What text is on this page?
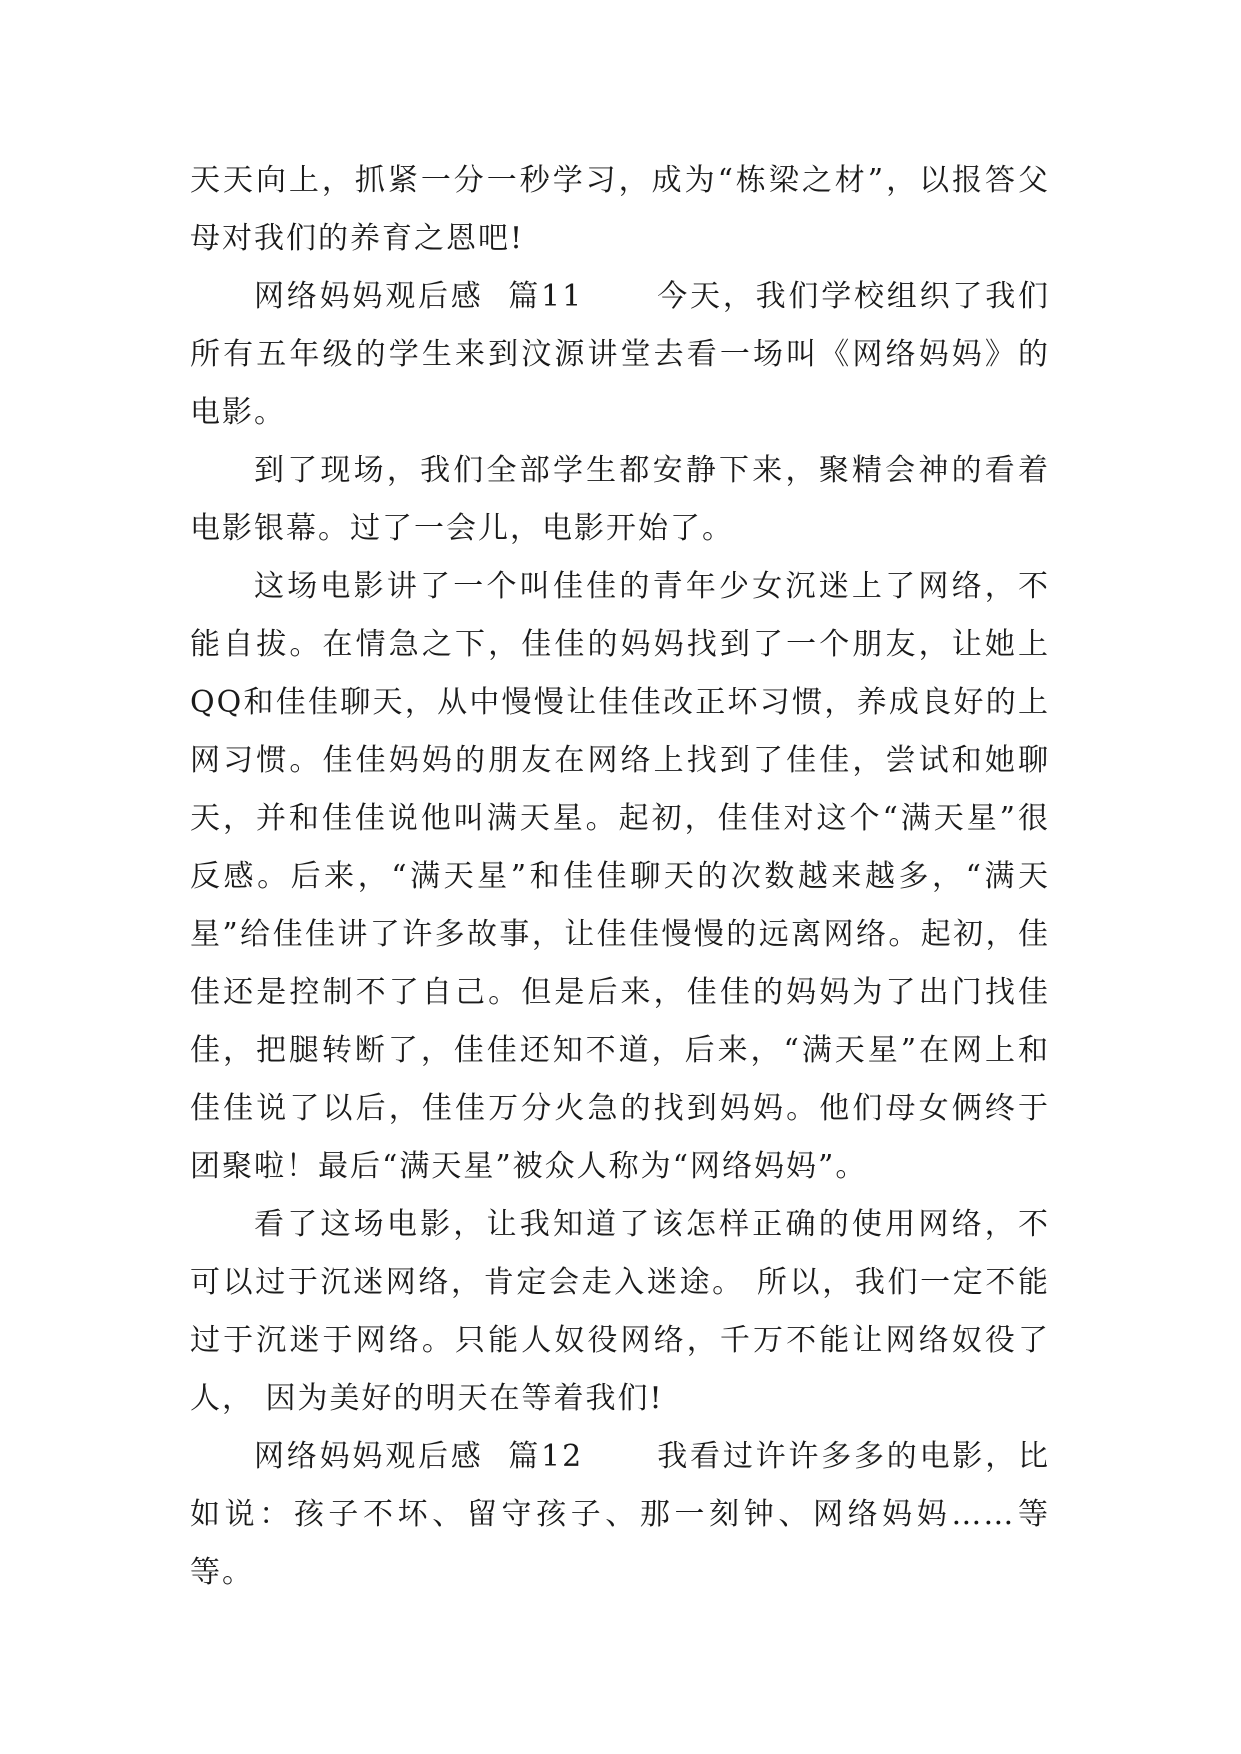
天天向上，抓紧一分一秒学习，成为“栋梁之材”，以报答父母对我们的养育之恩吧!

网络妈妈观后感  篇11      今天，我们学校组织了我们所有五年级的学生来到汶源讲堂去看一场叫《网络妈妈》的电影。

到了现场，我们全部学生都安静下来，聚精会神的看着电影银幕。过了一会儿，电影开始了。

这场电影讲了一个叫佳佳的青年少女沉迷上了网络，不能自拔。在情急之下，佳佳的妈妈找到了一个朋友，让她上QQ和佳佳聊天，从中慢慢让佳佳改正坏习惯，养成良好的上网习惯。佳佳妈妈的朋友在网络上找到了佳佳，尝试和她聊天，并和佳佳说他叫满天星。起初，佳佳对这个“满天星”很反感。后来，“满天星”和佳佳聊天的次数越来越多，“满天星”给佳佳讲了许多故事，让佳佳慢慢的远离网络。起初，佳佳还是控制不了自己。但是后来，佳佳的妈妈为了出门找佳佳，把腿转断了，佳佳还知不道，后来，“满天星”在网上和佳佳说了以后，佳佳万分火急的找到妈妈。他们母女俩终于团聚啦！最后“满天星”被众人称为“网络妈妈”。

看了这场电影，让我知道了该怎样正确的使用网络，不可以过于沉迷网络，肯定会走入迷途。 所以，我们一定不能过于沉迷于网络。只能人奴役网络，千万不能让网络奴役了人， 因为美好的明天在等着我们!

网络妈妈观后感  篇12      我看过许许多多的电影，比如说：孩子不坏、留守孩子、那一刻钟、网络妈妈……等等。
